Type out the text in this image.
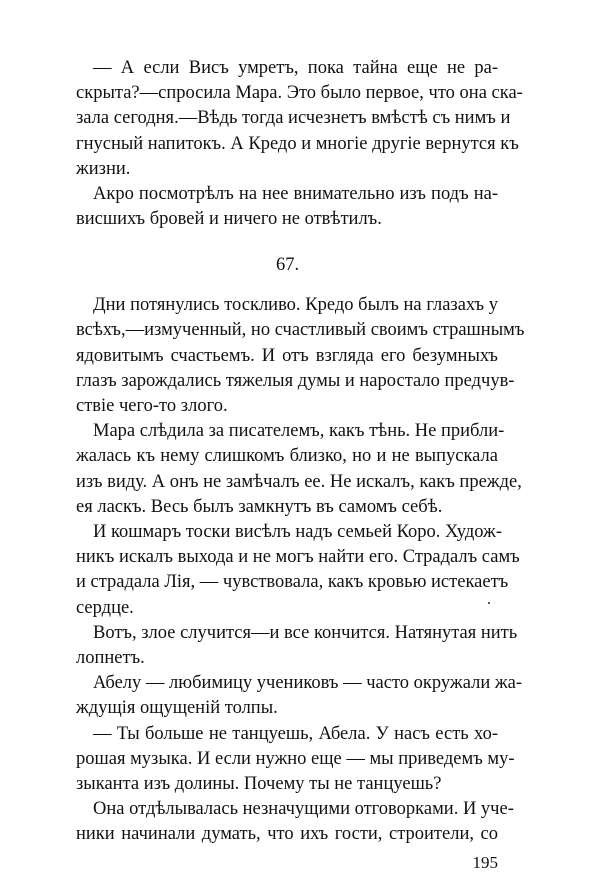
— А если Висъ умретъ, пока тайна еще не ра-
скрыта?—спросила Мара. Это было первое, что она ска-
зала сегодня.—Вѣдь тогда исчезнетъ вмѣстѣ съ нимъ и
гнусный напитокъ. А Кредо и многіе другіе вернутся къ
жизни.
Акро посмотрѣлъ на нее внимательно изъ подъ на-
висшихъ бровей и ничего не отвѣтилъ.
67.
Дни потянулись тоскливо. Кредо былъ на глазахъ у
всѣхъ,—измученный, но счастливый своимъ страшнымъ
ядовитымъ счастьемъ. И отъ взгляда его безумныхъ
глазъ зарождались тяжелыя думы и наростало предчув-
ствіе чего-то злого.
Мара слѣдила за писателемъ, какъ тѣнь. Не прибли-
жалась къ нему слишкомъ близко, но и не выпускала
изъ виду. А онъ не замѣчалъ ее. Не искалъ, какъ прежде,
ея ласкъ. Весь былъ замкнутъ въ самомъ себѣ.
И кошмаръ тоски висѣлъ надъ семьей Коро. Худож-
никъ искалъ выхода и не могъ найти его. Страдалъ самъ
и страдала Лія, — чувствовала, какъ кровью истекаетъ
сердце.
Вотъ, злое случится—и все кончится. Натянутая нить
лопнетъ.
Абелу — любимицу учениковъ — часто окружали жа-
ждущія ощущеній толпы.
— Ты больше не танцуешь, Абела. У насъ есть хо-
рошая музыка. И если нужно еще — мы приведемъ му-
зыканта изъ долины. Почему ты не танцуешь?
Она отдѣлывалась незначущими отговорками. И уче-
ники начинали думать, что ихъ гости, строители, со
195
